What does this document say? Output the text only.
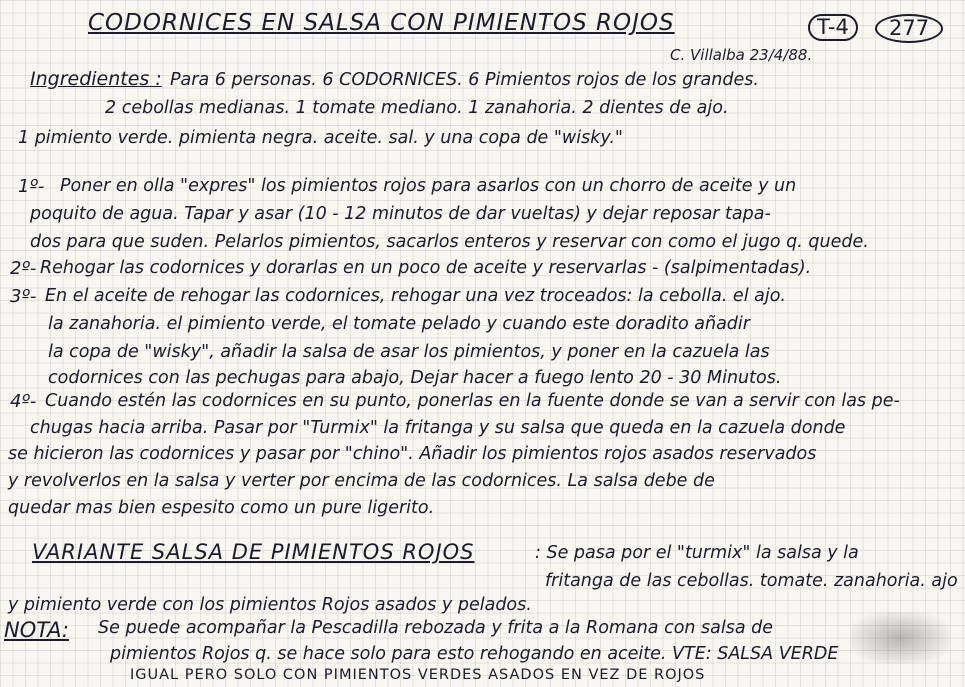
CODORNICES EN SALSA CON PIMIENTOS ROJOS	T-4	277
C. Villalba 23/4/88.
Ingredientes : Para 6 personas. 6 CODORNICES. 6 Pimientos rojos de los grandes.
2 cebollas medianas. 1 tomate mediano. 1 zanahoria. 2 dientes de ajo.
1 pimiento verde. pimienta negra. aceite. sal. y una copa de "wisky."
1º- Poner en olla "expres" los pimientos rojos para asarlos con un chorro de aceite y un
poquito de agua. Tapar y asar (10 - 12 minutos de dar vueltas) y dejar reposar tapa-
dos para que suden. Pelarlos pimientos, sacarlos enteros y reservar con como el jugo q. quede.
2º- Rehogar las codornices y dorarlas en un poco de aceite y reservarlas - (salpimentadas).
3º- En el aceite de rehogar las codornices, rehogar una vez troceados: la cebolla. el ajo.
la zanahoria. el pimiento verde, el tomate pelado y cuando este doradito añadir
la copa de "wisky", añadir la salsa de asar los pimientos, y poner en la cazuela las
codornices con las pechugas para abajo, Dejar hacer a fuego lento 20 - 30 Minutos.
4º- Cuando estén las codornices en su punto, ponerlas en la fuente donde se van a servir con las pe-
chugas hacia arriba. Pasar por "Turmix" la fritanga y su salsa que queda en la cazuela donde
se hicieron las codornices y pasar por "chino". Añadir los pimientos rojos asados reservados
y revolverlos en la salsa y verter por encima de las codornices. La salsa debe de
quedar mas bien espesito como un pure ligerito.
VARIANTE SALSA DE PIMIENTOS ROJOS	: Se pasa por el "turmix" la salsa y la
fritanga de las cebollas. tomate. zanahoria. ajo
y pimiento verde con los pimientos Rojos asados y pelados.
NOTA: Se puede acompañar la Pescadilla rebozada y frita a la Romana con salsa de
pimientos Rojos q. se hace solo para esto rehogando en aceite. VTE: SALSA VERDE
IGUAL PERO SOLO CON PIMIENTOS VERDES ASADOS EN VEZ DE ROJOS
